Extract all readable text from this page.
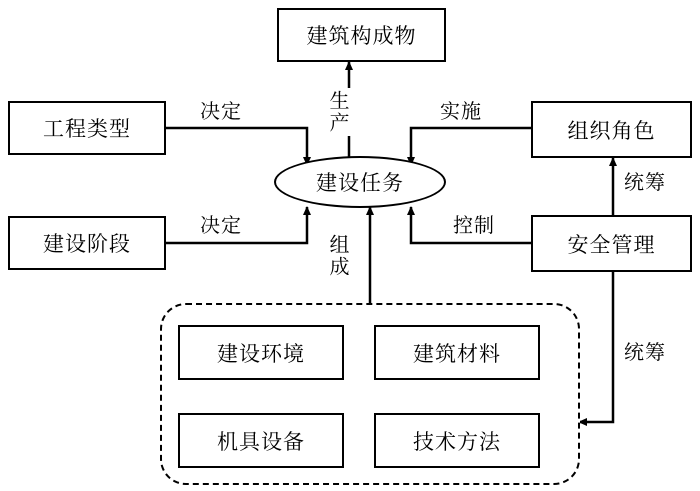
建筑构成物
工程类型
建设任务
组织角色
建设阶段	安全管理
建设环境	建筑材料
机具设备	技术方法
生产
决定
决定
实施
控制
组成
统筹
统筹
